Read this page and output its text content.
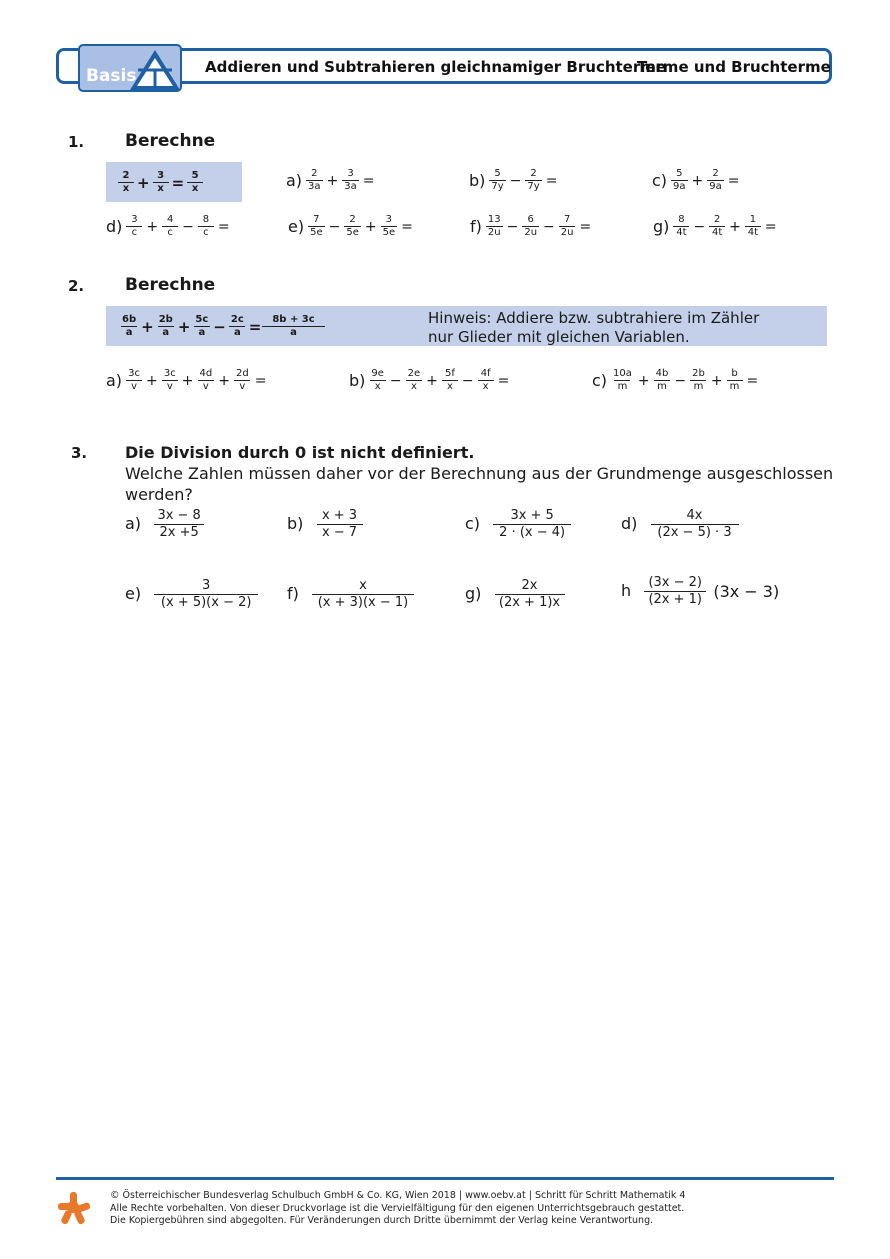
Basis	Addieren und Subtrahieren gleichnamiger Bruchterme
Terme und Bruchterme
1. Berechne
$\frac{2}{x} + \frac{3}{x} = \frac{5}{x}$	$a) \frac{2}{3a} + \frac{3}{3a}$ =	$b) \frac{5}{7y} - \frac{2}{7y}$ =	$c) \frac{5}{9a} + \frac{2}{9a}$ =
$d) \frac{3}{c} + \frac{4}{c} - \frac{8}{c}$ =	$e) \frac{7}{5e} - \frac{2}{5e} + \frac{3}{5e}$ =	$f) \frac{13}{2u} - \frac{6}{2u} - \frac{7}{2u}$ =	$g) \frac{8}{4t} - \frac{2}{4t} + \frac{1}{4t}$ =
2. Berechne
$\frac{6b}{a} + \frac{2b}{a} + \frac{5c}{a} - \frac{2c}{a} = \frac{8b + 3c}{a}$	Hinweis: Addiere bzw. subtrahiere im Zähler
nur Glieder mit gleichen Variablen.
$a) \frac{3c}{v} + \frac{3c}{v} + \frac{4d}{v} + \frac{2d}{v}$ =	$b) \frac{9e}{x} - \frac{2e}{x} + \frac{5f}{x} - \frac{4f}{x}$ =	$c) \frac{10a}{m} + \frac{4b}{m} - \frac{2b}{m} + \frac{b}{m}$ =
3. Die Division durch 0 ist nicht definiert.
Welche Zahlen müssen daher vor der Berechnung aus der Grundmenge ausgeschlossen
werden?
$a) \frac{3x - 8}{2x +5}$	$b) \frac{x + 3}{x - 7}$	$c) \frac{3x + 5}{2 \cdot (x - 4)}$	$d) \frac{4x}{(2x - 5) \cdot 3}$
$e) \frac{3}{(x + 5)(x - 2)} f) \frac{x}{(x + 3)(x - 1)}$	$g) \frac{2x}{(2x + 1)x}$	h $\frac{(3x - 2)}{(2x + 1)} (3x - 3)$
© Österreichischer Bundesverlag Schulbuch GmbH & Co. KG, Wien 2018 | www.oebv.at | Schritt für Schritt Mathematik 4
Alle Rechte vorbehalten. Von dieser Druckvorlage ist die Vervielfältigung für den eigenen Unterrichtsgebrauch gestattet.
Die Kopiergebühren sind abgegolten. Für Veränderungen durch Dritte übernimmt der Verlag keine Verantwortung.
